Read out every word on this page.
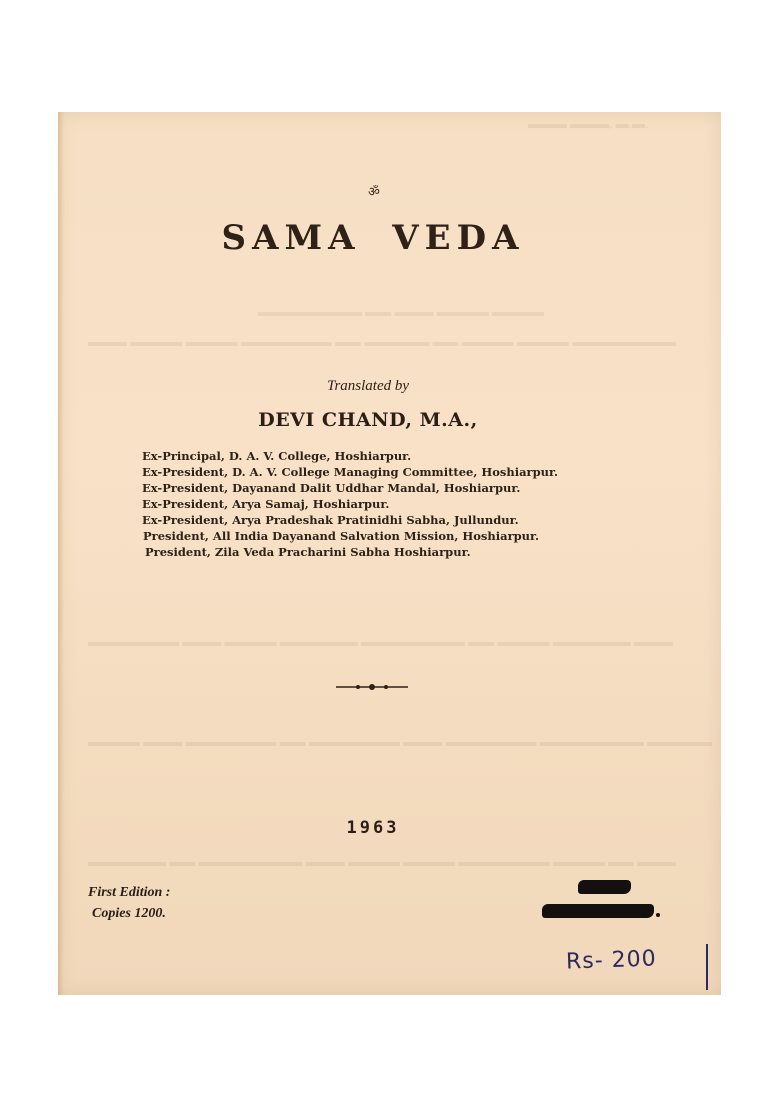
▬▬▬ ▬▬▬, ▬.▬.
▬▬▬▬▬▬▬▬ ▬▬ ▬▬▬ ▬▬▬▬ ▬▬▬▬
▬▬▬ ▬▬▬▬ ▬▬▬▬ ▬▬▬▬▬▬▬ ▬▬ ▬▬▬▬▬ ▬▬ ▬▬▬▬ ▬▬▬▬ ▬▬▬▬▬▬▬▬
▬▬▬▬▬▬▬ ▬▬▬ ▬▬▬▬ ▬▬▬▬▬▬ ▬▬▬▬▬▬▬▬ ▬▬ ▬▬▬▬ ▬▬▬▬▬▬ ▬▬▬
▬▬▬▬ ▬▬▬ ▬▬▬▬▬▬▬ ▬▬ ▬▬▬▬▬▬▬ ▬▬▬ ▬▬▬▬▬▬▬ ▬▬▬▬▬▬▬▬ ▬▬▬▬▬
▬▬▬▬▬▬ ▬▬ ▬▬▬▬▬▬▬▬ ▬▬▬ ▬▬▬▬ ▬▬▬▬ ▬▬▬▬▬▬▬ ▬▬▬▬ ▬▬ ▬▬▬
ॐ
SAMA VEDA
Translated by
DEVI CHAND, M.A.,
Ex-Principal, D. A. V. College, Hoshiarpur.
Ex-President, D. A. V. College Managing Committee, Hoshiarpur.
Ex-President, Dayanand Dalit Uddhar Mandal, Hoshiarpur.
Ex-President, Arya Samaj, Hoshiarpur.
Ex-President, Arya Pradeshak Pratinidhi Sabha, Jullundur.
President, All India Dayanand Salvation Mission, Hoshiarpur.
President, Zila Veda Pracharini Sabha Hoshiarpur.
1963
First Edition :
Copies 1200.
Rs- 200
